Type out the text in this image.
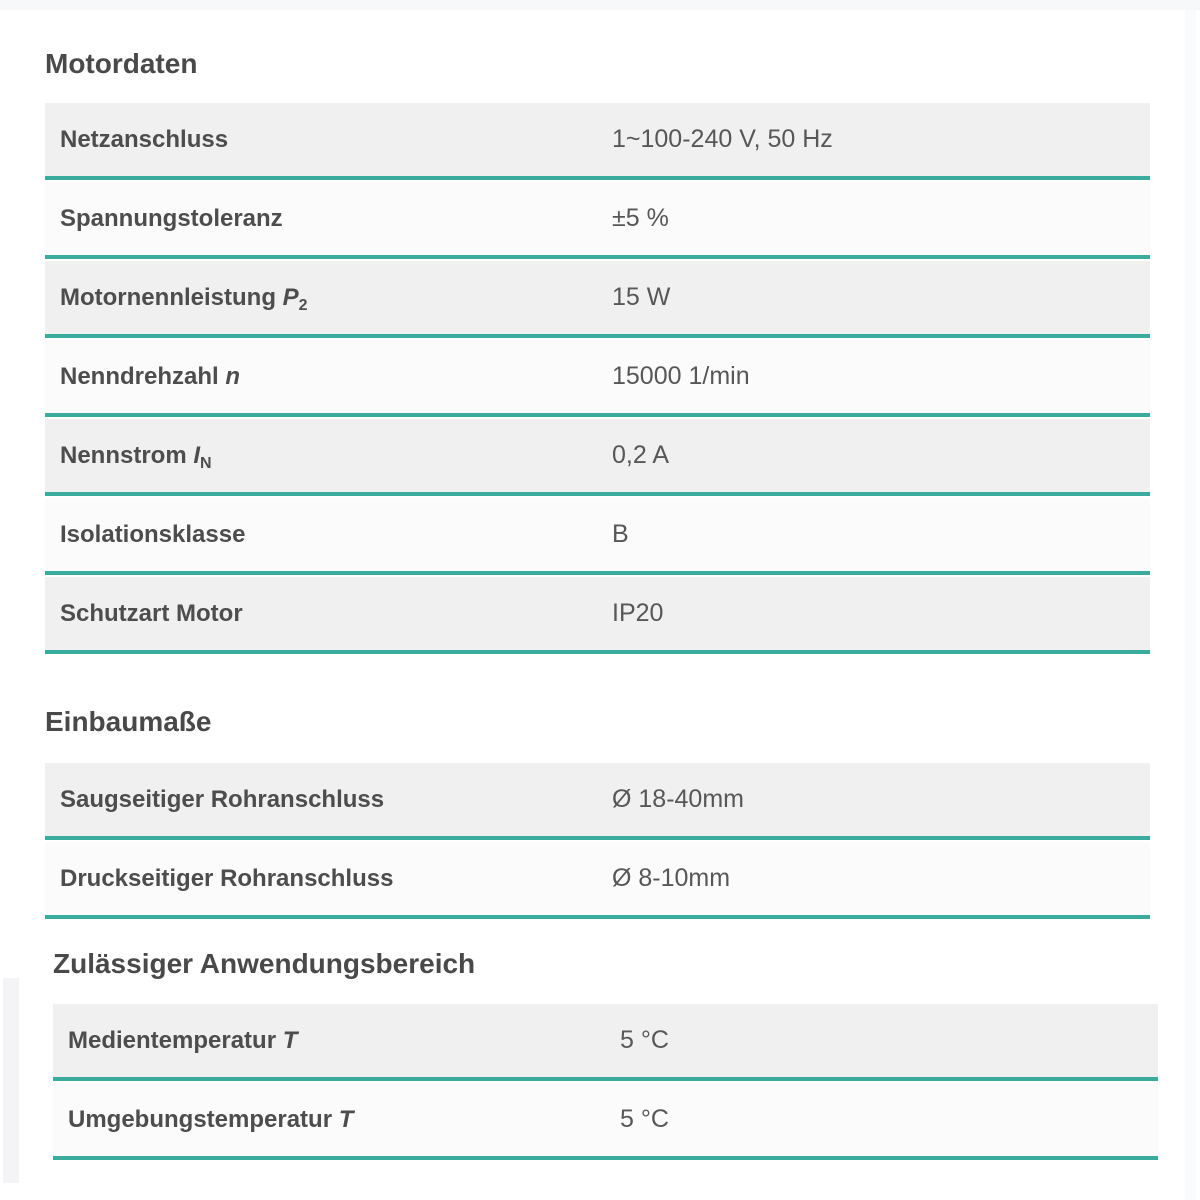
Motordaten
Netzanschluss	1~100-240 V, 50 Hz
Spannungstoleranz	±5 %
Motornennleistung $P_2$	15 W
Nenndrehzahl n	15000 1/min
Nennstrom $I_N$	0,2 A
Isolationsklasse	B
Schutzart Motor	IP20
Einbaumaße
Saugseitiger Rohranschluss	Ø 18-40mm
Druckseitiger Rohranschluss	Ø 8-10mm
Zulässiger Anwendungsbereich
Medientemperatur T	5 °C
Umgebungstemperatur T	5 °C
